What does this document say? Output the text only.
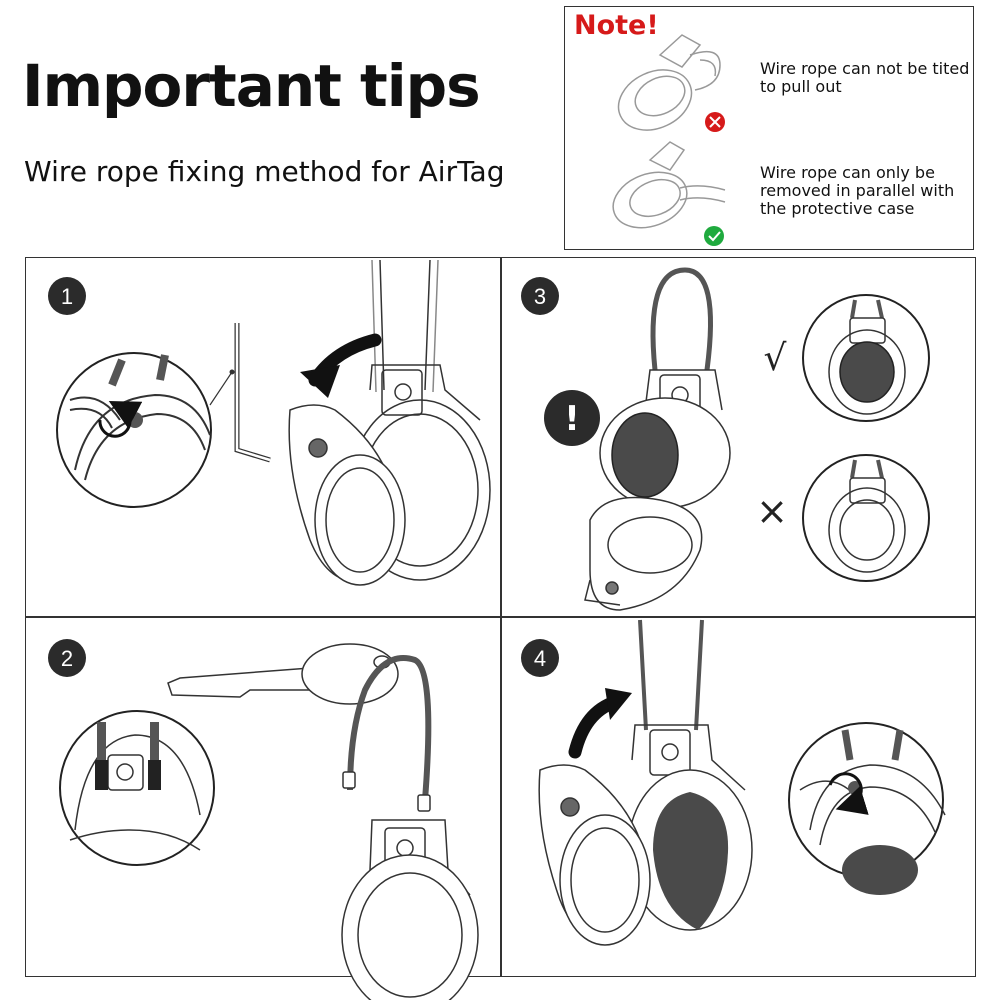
Important tips
Wire rope fixing method for AirTag
Note!
Wire rope can not be tited to pull out
Wire rope can only be removed in parallel with the protective case
1
2
3
4
!
√
×
